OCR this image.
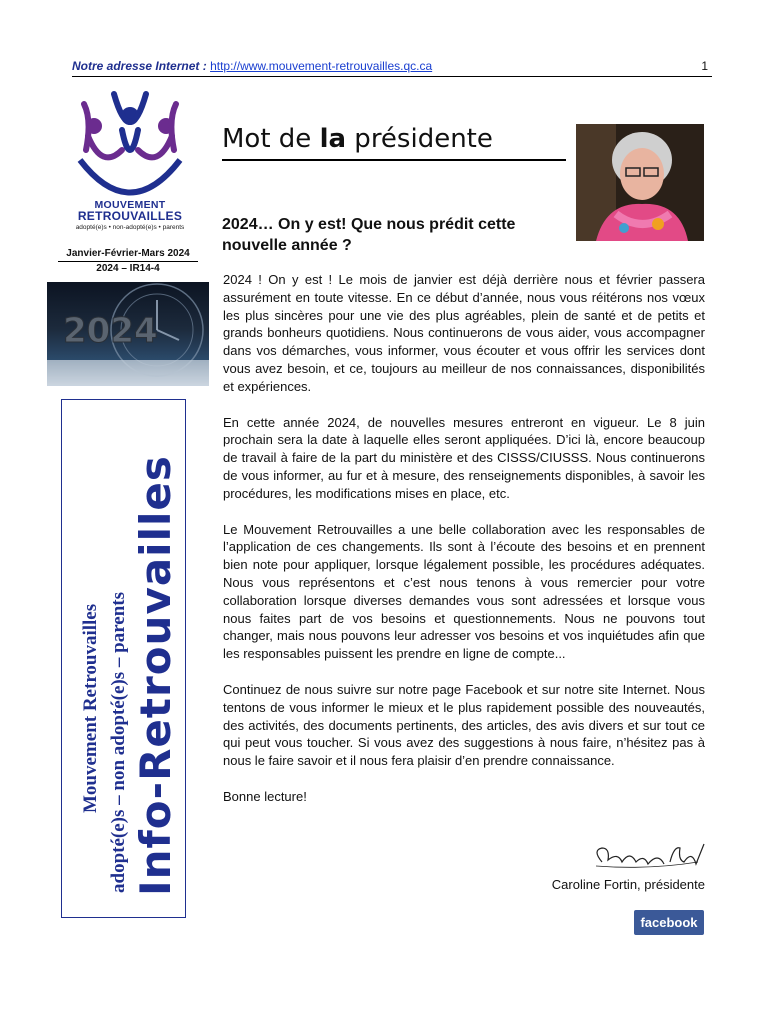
Notre adresse Internet : http://www.mouvement-retrouvailles.qc.ca	1
MOUVEMENT
RETROUVAILLES
adopté(e)s • non-adopté(e)s • parents
Janvier-Février-Mars 2024
2024 – IR14-4
2024
Mouvement Retrouvailles adopté(e)s – non adopté(e)s – parents Info-Retrouvailles
Mot de la présidente
2024… On y est! Que nous prédit cette nouvelle année ?

2024 ! On y est ! Le mois de janvier est déjà derrière nous et février passera assurément en toute vitesse. En ce début d’année, nous vous réitérons nos vœux les plus sincères pour une vie des plus agréables, plein de santé et de petits et grands bonheurs quotidiens. Nous continuerons de vous aider, vous accompagner dans vos démarches, vous informer, vous écouter et vous offrir les services dont vous avez besoin, et ce, toujours au meilleur de nos connaissances, disponibilités et expériences.

En cette année 2024, de nouvelles mesures entreront en vigueur. Le 8 juin prochain sera la date à laquelle elles seront appliquées. D’ici là, encore beaucoup de travail à faire de la part du ministère et des CISSS/CIUSSS. Nous continuerons de vous informer, au fur et à mesure, des renseignements disponibles, à savoir les procédures, les modifications mises en place, etc.

Le Mouvement Retrouvailles a une belle collaboration avec les responsables de l’application de ces changements. Ils sont à l’écoute des besoins et en prennent bien note pour appliquer, lorsque légalement possible, les procédures adéquates. Nous vous représentons et c’est nous tenons à vous remercier pour votre collaboration lorsque diverses demandes vous sont adressées et lorsque vous nous faites part de vos besoins et questionnements. Nous ne pouvons tout changer, mais nous pouvons leur adresser vos besoins et vos inquiétudes afin que les responsables puissent les prendre en ligne de compte...

Continuez de nous suivre sur notre page Facebook et sur notre site Internet. Nous tentons de vous informer le mieux et le plus rapidement possible des nouveautés, des activités, des documents pertinents, des articles, des avis divers et sur tout ce qui peut vous toucher. Si vous avez des suggestions à nous faire, n’hésitez pas à nous le faire savoir et il nous fera plaisir d’en prendre connaissance.

Bonne lecture!

Caroline Fortin, présidente
facebook
